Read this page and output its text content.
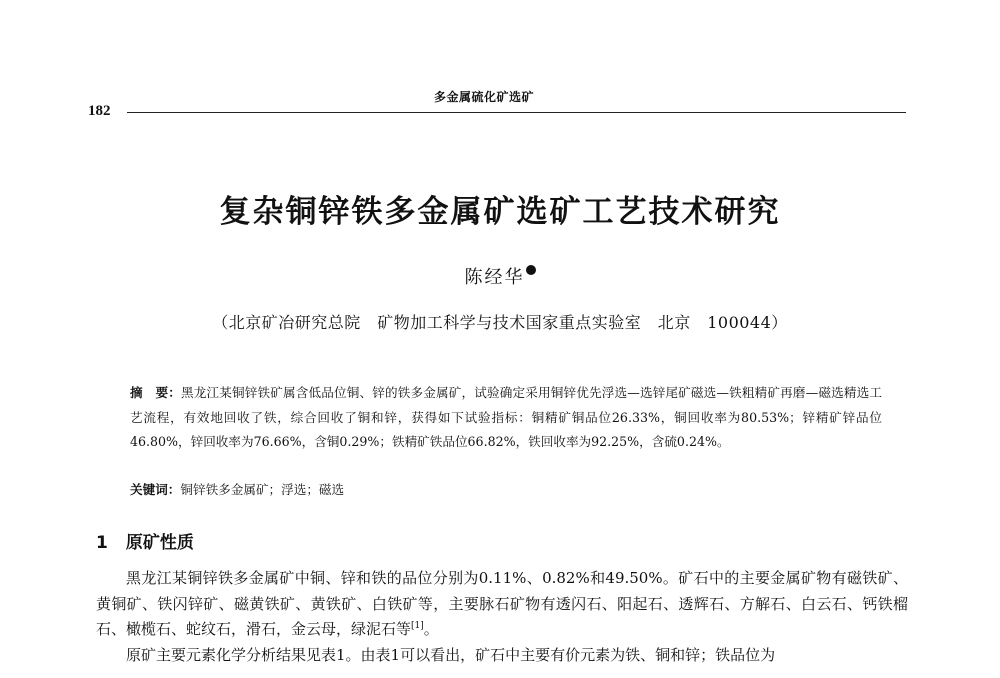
多金属硫化矿选矿
182
复杂铜锌铁多金属矿选矿工艺技术研究
陈经华
（北京矿冶研究总院　矿物加工科学与技术国家重点实验室　北京　100044）
摘　要：黑龙江某铜锌铁矿属含低品位铜、锌的铁多金属矿，试验确定采用铜锌优先浮选—选锌尾矿磁选—铁粗精矿再磨—磁选精选工艺流程，有效地回收了铁，综合回收了铜和锌，获得如下试验指标：铜精矿铜品位26.33%，铜回收率为80.53%；锌精矿锌品位46.80%，锌回收率为76.66%，含铜0.29%；铁精矿铁品位66.82%，铁回收率为92.25%，含硫0.24%。
关键词：铜锌铁多金属矿；浮选；磁选
1 原矿性质

黑龙江某铜锌铁多金属矿中铜、锌和铁的品位分别为0.11%、0.82%和49.50%。矿石中的主要金属矿物有磁铁矿、黄铜矿、铁闪锌矿、磁黄铁矿、黄铁矿、白铁矿等，主要脉石矿物有透闪石、阳起石、透辉石、方解石、白云石、钙铁榴石、橄榄石、蛇纹石，滑石，金云母，绿泥石等[1]。

原矿主要元素化学分析结果见表1。由表1可以看出，矿石中主要有价元素为铁、铜和锌；铁品位为
